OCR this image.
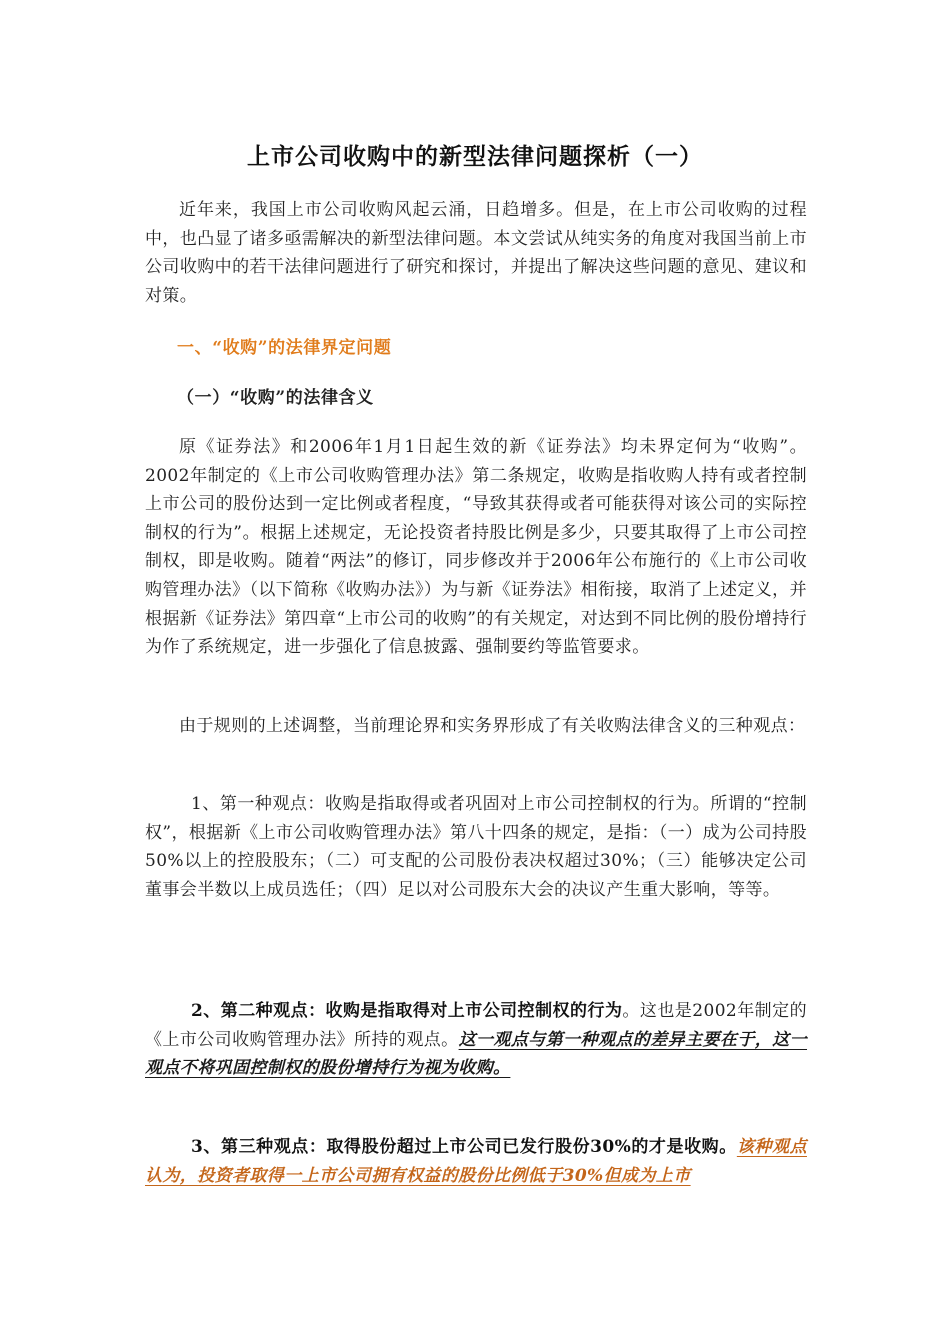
上市公司收购中的新型法律问题探析（一）

近年来，我国上市公司收购风起云涌，日趋增多。但是，在上市公司收购的过程中，也凸显了诸多亟需解决的新型法律问题。本文尝试从纯实务的角度对我国当前上市公司收购中的若干法律问题进行了研究和探讨，并提出了解决这些问题的意见、建议和对策。

一、“收购”的法律界定问题
（一）“收购”的法律含义

原《证券法》和2006年1月1日起生效的新《证券法》均未界定何为“收购”。2002年制定的《上市公司收购管理办法》第二条规定，收购是指收购人持有或者控制上市公司的股份达到一定比例或者程度，“导致其获得或者可能获得对该公司的实际控制权的行为”。根据上述规定，无论投资者持股比例是多少，只要其取得了上市公司控制权，即是收购。随着“两法”的修订，同步修改并于2006年公布施行的《上市公司收购管理办法》（以下简称《收购办法》）为与新《证券法》相衔接，取消了上述定义，并根据新《证券法》第四章“上市公司的收购”的有关规定，对达到不同比例的股份增持行为作了系统规定，进一步强化了信息披露、强制要约等监管要求。

由于规则的上述调整，当前理论界和实务界形成了有关收购法律含义的三种观点：

1、第一种观点：收购是指取得或者巩固对上市公司控制权的行为。所谓的“控制权”，根据新《上市公司收购管理办法》第八十四条的规定，是指：（一）成为公司持股50%以上的控股股东；（二）可支配的公司股份表决权超过30%；（三）能够决定公司董事会半数以上成员选任；（四）足以对公司股东大会的决议产生重大影响，等等。

2、第二种观点：收购是指取得对上市公司控制权的行为。这也是2002年制定的《上市公司收购管理办法》所持的观点。这一观点与第一种观点的差异主要在于，这一观点不将巩固控制权的股份增持行为视为收购。

3、第三种观点：取得股份超过上市公司已发行股份30%的才是收购。该种观点认为，投资者取得一上市公司拥有权益的股份比例低于30%但成为上市
